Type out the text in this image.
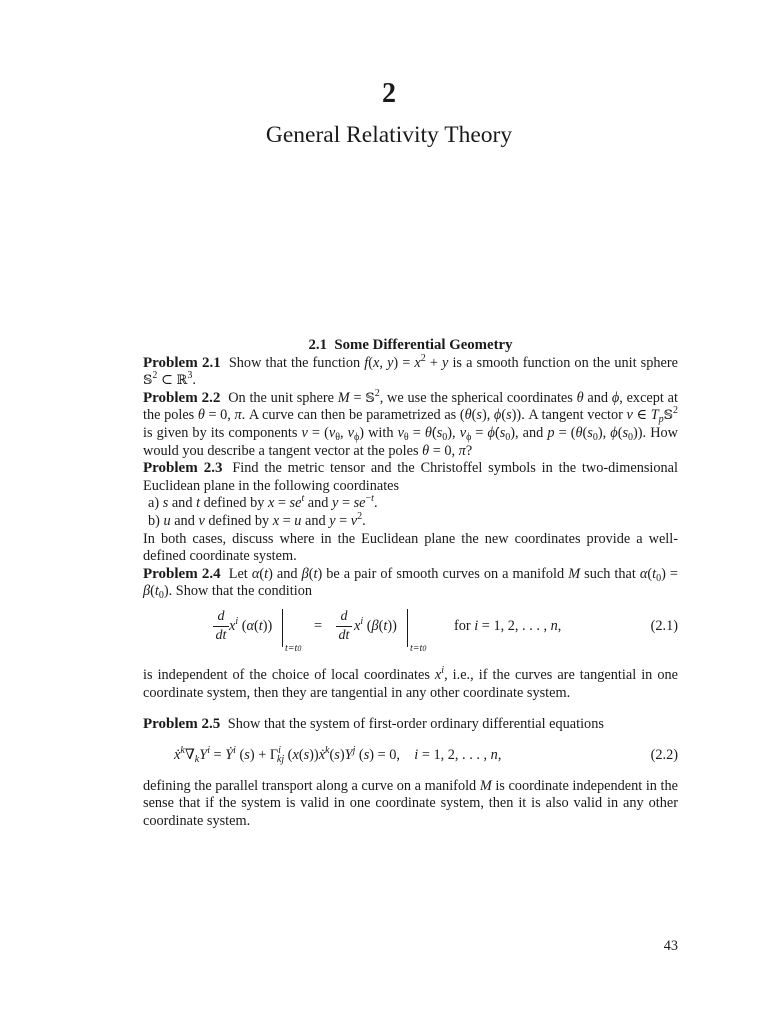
2
General Relativity Theory

2.1 Some Differential Geometry

Problem 2.1 Show that the function f(x, $y) = x^2 + y$ is a smooth function on the unit sphere 𝕊$^2$ ⊂ ℝ$^3$.

Problem 2.2 On the unit sphere M = 𝕊$^2$, we use the spherical coordinates θ and ϕ, except at the poles θ = 0, π. A curve can then be parametrized as (θ(s), ϕ(s)). A tangent vector v ∈ $T_p𝕊^2$ is given by its components $v = (v_\theta$, $v_\phi$) with $v_\theta$ = $\thetȧ(s_0)$, $v_\phi$ = $\phi̇(s_0)$, and $p = (\theta(s_0)$, $\phi(s_0)$). How would you describe a tangent vector at the poles θ = 0, π?

Problem 2.3 Find the metric tensor and the Christoffel symbols in the two-dimensional Euclidean plane in the following coordinates
a) s and t defined by $x = se^t$ and $y = se^{-t}$.
b) u and v defined by x = u and $y = v^2$.
In both cases, discuss where in the Euclidean plane the new coordinates provide a well-defined coordinate system.

Problem 2.4 Let α(t) and β(t) be a pair of smooth curves on a manifold M such that $\alpha(t_0) = \beta(t_0)$. Show that the condition

d
dt
$x^i$ (α(t))
t=t0
=
d
dt
$x^i$ (β(t))
t=t0
for i = 1, 2, . . . , n,	(2.1)

is independent of the choice of local coordinates $x^i$, i.e., if the curves are tangential in one coordinate system, then they are tangential in any other coordinate system.

Problem 2.5 Show that the system of first-order ordinary differential equations

$ẋ^k\nabla_kY^i$ = Ẏ$^i$ $(s) + \Gamma^i_{kj}$ $(x(s))ẋ^k(s)Y^j$ (s) = 0,    i = 1, 2, . . . , n,	(2.2)

defining the parallel transport along a curve on a manifold M is coordinate independent in the sense that if the system is valid in one coordinate system, then it is also valid in any other coordinate system.

43
